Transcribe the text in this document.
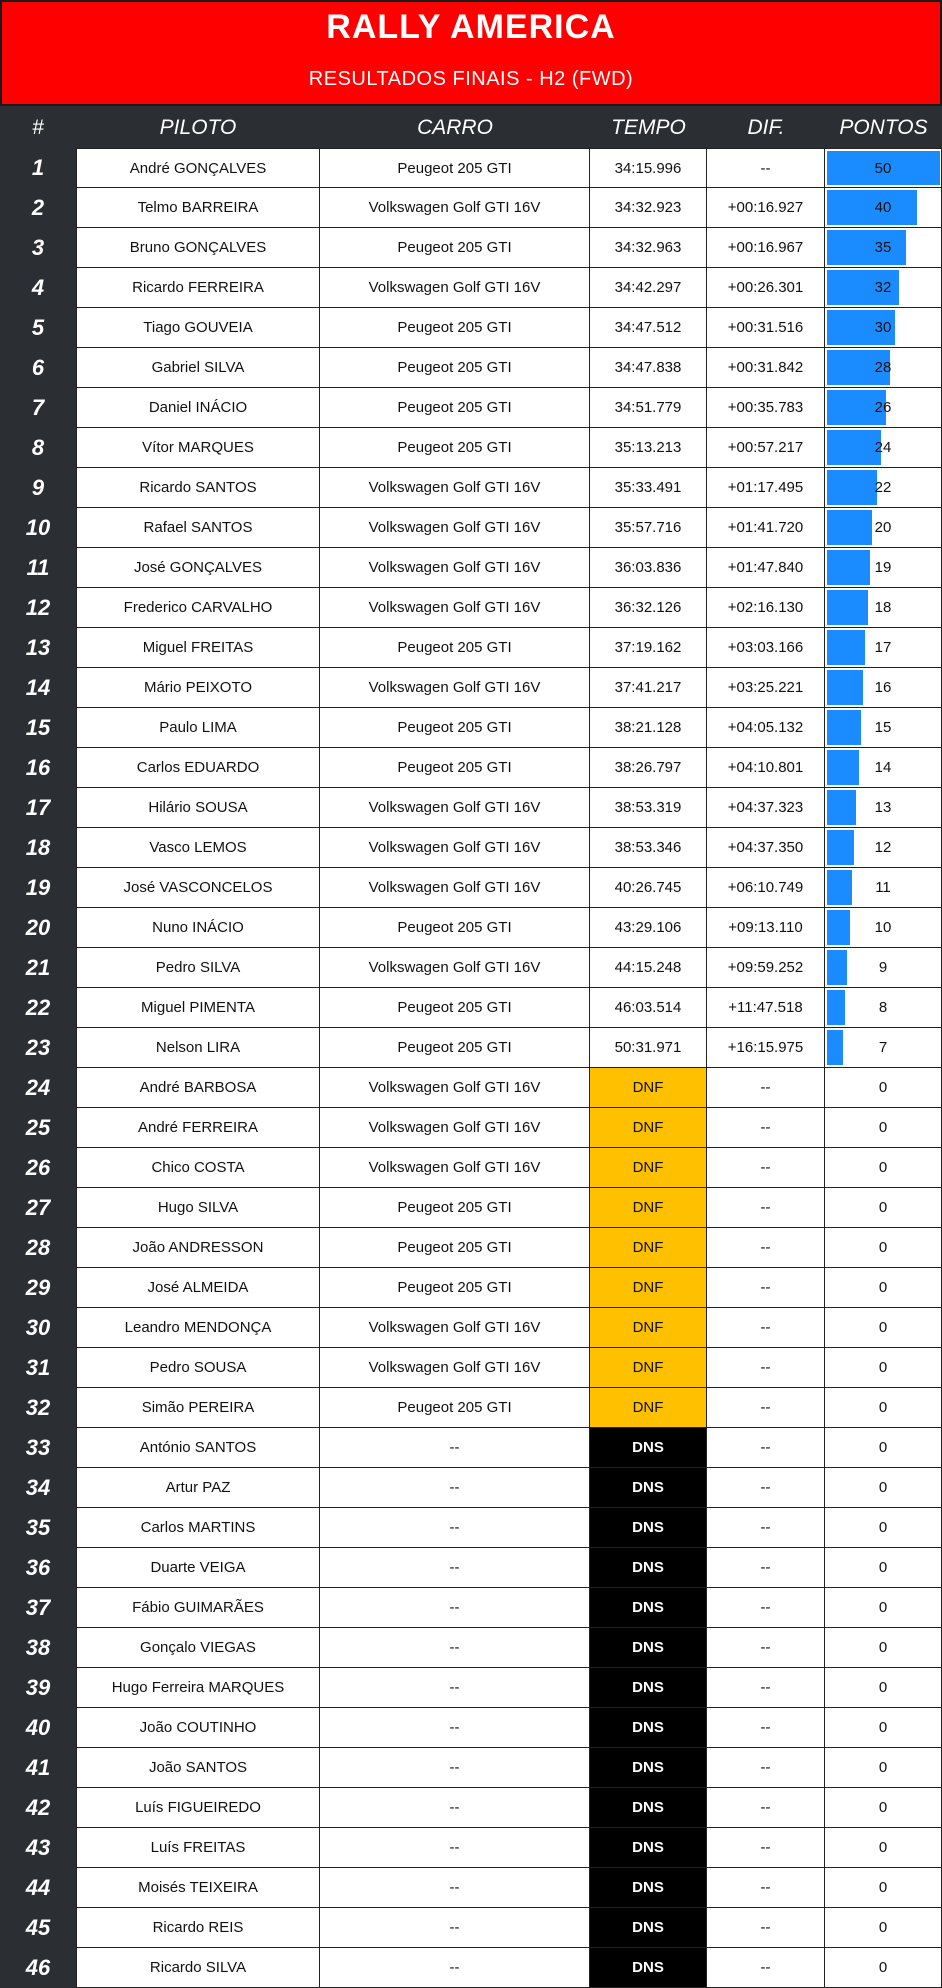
RALLY AMERICA
RESULTADOS FINAIS - H2 (FWD)
#	PILOTO	CARRO	TEMPO	DIF.	PONTOS
1	André GONÇALVES	Peugeot 205 GTI	34:15.996	--	50
2	Telmo BARREIRA	Volkswagen Golf GTI 16V	34:32.923	+00:16.927	40
3	Bruno GONÇALVES	Peugeot 205 GTI	34:32.963	+00:16.967	35
4	Ricardo FERREIRA	Volkswagen Golf GTI 16V	34:42.297	+00:26.301	32
5	Tiago GOUVEIA	Peugeot 205 GTI	34:47.512	+00:31.516	30
6	Gabriel SILVA	Peugeot 205 GTI	34:47.838	+00:31.842	28
7	Daniel INÁCIO	Peugeot 205 GTI	34:51.779	+00:35.783	26
8	Vítor MARQUES	Peugeot 205 GTI	35:13.213	+00:57.217	24
9	Ricardo SANTOS	Volkswagen Golf GTI 16V	35:33.491	+01:17.495	22
10	Rafael SANTOS	Volkswagen Golf GTI 16V	35:57.716	+01:41.720	20
11	José GONÇALVES	Volkswagen Golf GTI 16V	36:03.836	+01:47.840	19
12	Frederico CARVALHO	Volkswagen Golf GTI 16V	36:32.126	+02:16.130	18
13	Miguel FREITAS	Peugeot 205 GTI	37:19.162	+03:03.166	17
14	Mário PEIXOTO	Volkswagen Golf GTI 16V	37:41.217	+03:25.221	16
15	Paulo LIMA	Peugeot 205 GTI	38:21.128	+04:05.132	15
16	Carlos EDUARDO	Peugeot 205 GTI	38:26.797	+04:10.801	14
17	Hilário SOUSA	Volkswagen Golf GTI 16V	38:53.319	+04:37.323	13
18	Vasco LEMOS	Volkswagen Golf GTI 16V	38:53.346	+04:37.350	12
19	José VASCONCELOS	Volkswagen Golf GTI 16V	40:26.745	+06:10.749	11
20	Nuno INÁCIO	Peugeot 205 GTI	43:29.106	+09:13.110	10
21	Pedro SILVA	Volkswagen Golf GTI 16V	44:15.248	+09:59.252	9
22	Miguel PIMENTA	Peugeot 205 GTI	46:03.514	+11:47.518	8
23	Nelson LIRA	Peugeot 205 GTI	50:31.971	+16:15.975	7
24	André BARBOSA	Volkswagen Golf GTI 16V	DNF	--	0
25	André FERREIRA	Volkswagen Golf GTI 16V	DNF	--	0
26	Chico COSTA	Volkswagen Golf GTI 16V	DNF	--	0
27	Hugo SILVA	Peugeot 205 GTI	DNF	--	0
28	João ANDRESSON	Peugeot 205 GTI	DNF	--	0
29	José ALMEIDA	Peugeot 205 GTI	DNF	--	0
30	Leandro MENDONÇA	Volkswagen Golf GTI 16V	DNF	--	0
31	Pedro SOUSA	Volkswagen Golf GTI 16V	DNF	--	0
32	Simão PEREIRA	Peugeot 205 GTI	DNF	--	0
33	António SANTOS	--	DNS	--	0
34	Artur PAZ	--	DNS	--	0
35	Carlos MARTINS	--	DNS	--	0
36	Duarte VEIGA	--	DNS	--	0
37	Fábio GUIMARÃES	--	DNS	--	0
38	Gonçalo VIEGAS	--	DNS	--	0
39	Hugo Ferreira MARQUES	--	DNS	--	0
40	João COUTINHO	--	DNS	--	0
41	João SANTOS	--	DNS	--	0
42	Luís FIGUEIREDO	--	DNS	--	0
43	Luís FREITAS	--	DNS	--	0
44	Moisés TEIXEIRA	--	DNS	--	0
45	Ricardo REIS	--	DNS	--	0
46	Ricardo SILVA	--	DNS	--	0
